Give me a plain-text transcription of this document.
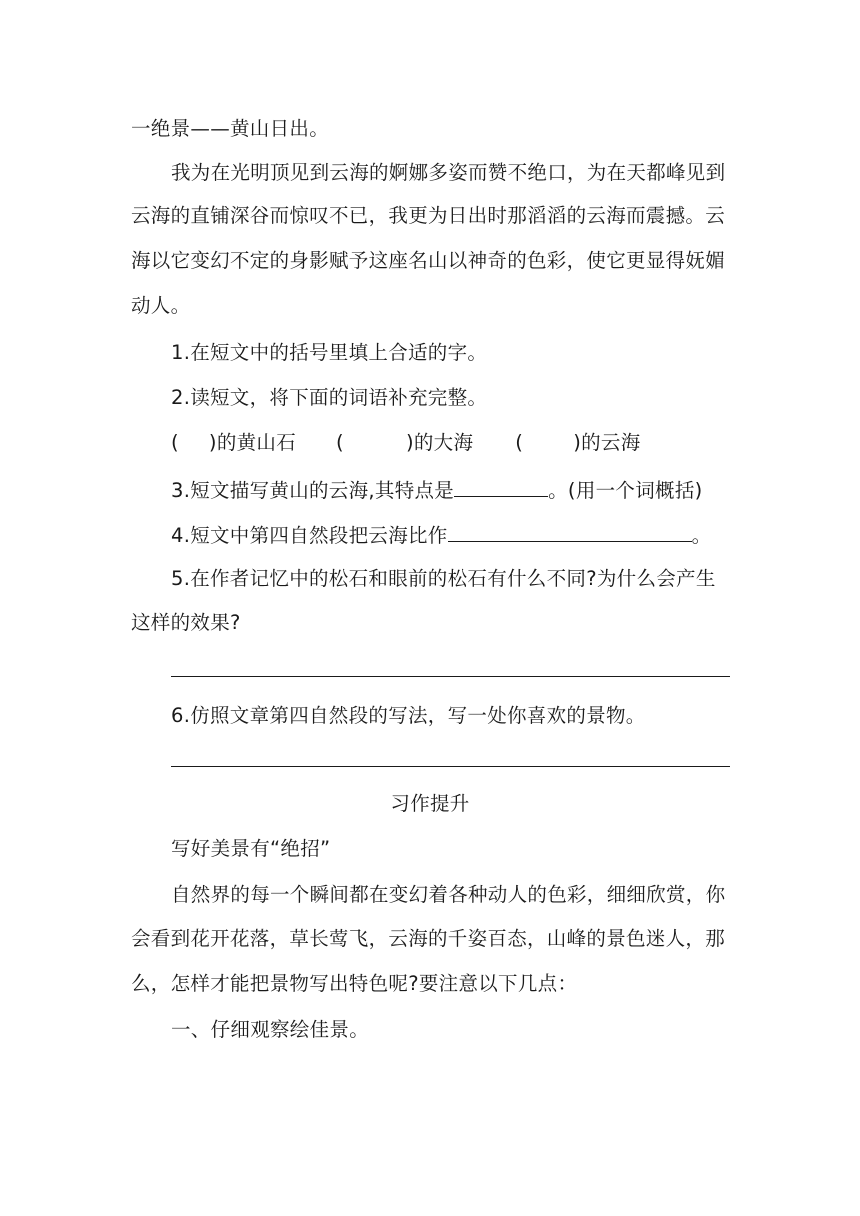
一绝景——黄山日出。
我为在光明顶见到云海的婀娜多姿而赞不绝口，为在天都峰见到
云海的直铺深谷而惊叹不已，我更为日出时那滔滔的云海而震撼。云
海以它变幻不定的身影赋予这座名山以神奇的色彩，使它更显得妩媚
动人。
1.在短文中的括号里填上合适的字。
2.读短文，将下面的词语补充完整。
( )的黄山石 (	)的大海 (	)的云海
3.短文描写黄山的云海,其特点是	。(用一个词概括)
4.短文中第四自然段把云海比作	。
5.在作者记忆中的松石和眼前的松石有什么不同?为什么会产生
这样的效果?
6.仿照文章第四自然段的写法，写一处你喜欢的景物。
习作提升
写好美景有“绝招”
自然界的每一个瞬间都在变幻着各种动人的色彩，细细欣赏，你
会看到花开花落，草长莺飞，云海的千姿百态，山峰的景色迷人，那
么，怎样才能把景物写出特色呢?要注意以下几点：
一、仔细观察绘佳景。
